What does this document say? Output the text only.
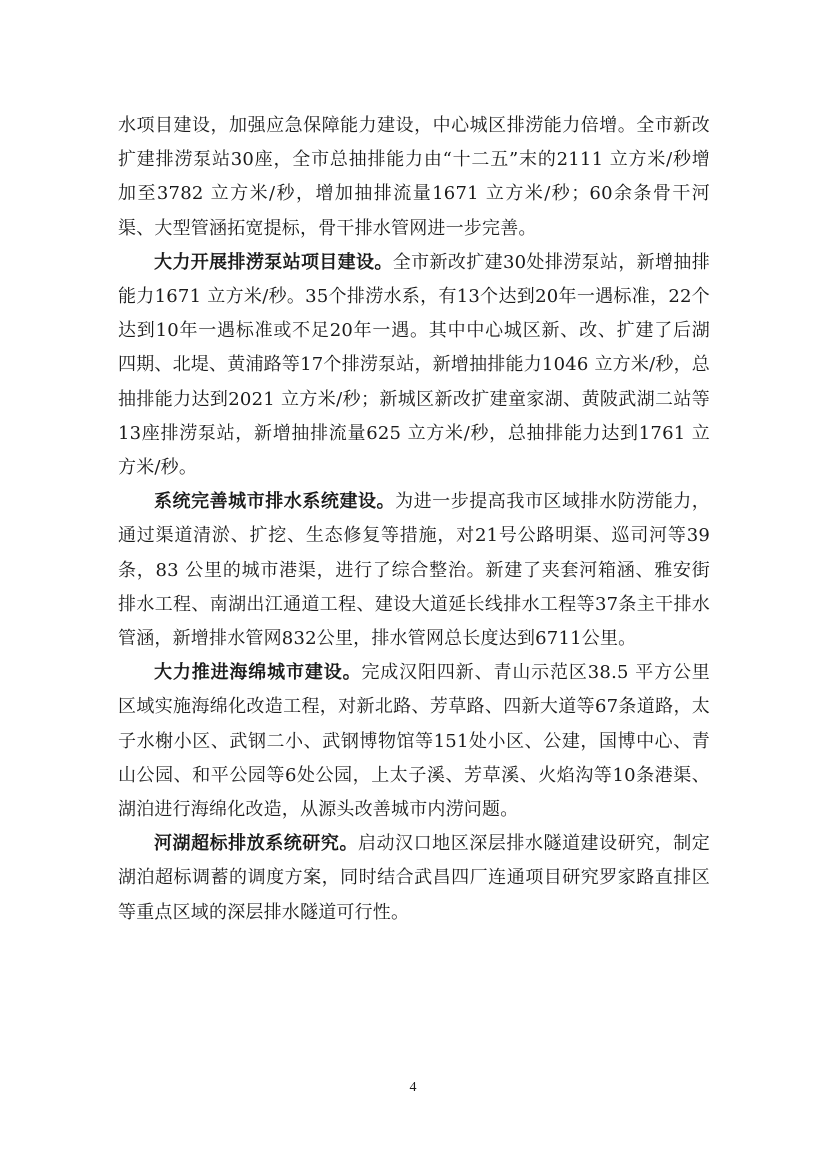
水项目建设，加强应急保障能力建设，中心城区排涝能力倍增。全市新改扩建排涝泵站30座，全市总抽排能力由“十二五”末的2111 立方米/秒增加至3782 立方米/秒，增加抽排流量1671 立方米/秒；60余条骨干河渠、大型管涵拓宽提标，骨干排水管网进一步完善。

大力开展排涝泵站项目建设。全市新改扩建30处排涝泵站，新增抽排能力1671 立方米/秒。35个排涝水系，有13个达到20年一遇标准，22个达到10年一遇标准或不足20年一遇。其中中心城区新、改、扩建了后湖四期、北堤、黄浦路等17个排涝泵站，新增抽排能力1046 立方米/秒，总抽排能力达到2021 立方米/秒；新城区新改扩建童家湖、黄陂武湖二站等13座排涝泵站，新增抽排流量625 立方米/秒，总抽排能力达到1761 立方米/秒。

系统完善城市排水系统建设。为进一步提高我市区域排水防涝能力，通过渠道清淤、扩挖、生态修复等措施，对21号公路明渠、巡司河等39条，83 公里的城市港渠，进行了综合整治。新建了夹套河箱涵、雅安街排水工程、南湖出江通道工程、建设大道延长线排水工程等37条主干排水管涵，新增排水管网832公里，排水管网总长度达到6711公里。

大力推进海绵城市建设。完成汉阳四新、青山示范区38.5 平方公里区域实施海绵化改造工程，对新北路、芳草路、四新大道等67条道路，太子水榭小区、武钢二小、武钢博物馆等151处小区、公建，国博中心、青山公园、和平公园等6处公园，上太子溪、芳草溪、火焰沟等10条港渠、湖泊进行海绵化改造，从源头改善城市内涝问题。

河湖超标排放系统研究。启动汉口地区深层排水隧道建设研究，制定湖泊超标调蓄的调度方案，同时结合武昌四厂连通项目研究罗家路直排区等重点区域的深层排水隧道可行性。

4
